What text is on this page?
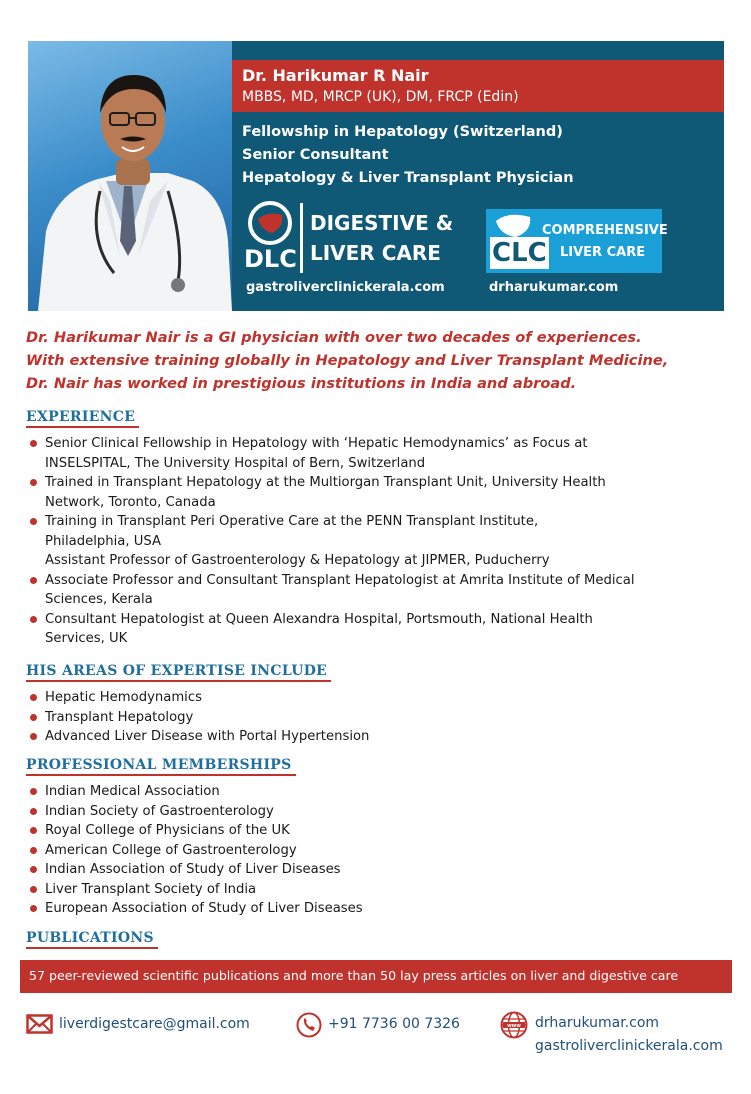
Dr. Harikumar R Nair
MBBS, MD, MRCP (UK), DM, FRCP (Edin)
Fellowship in Hepatology (Switzerland)
Senior Consultant
Hepatology & Liver Transplant Physician
DLC
DIGESTIVE &
LIVER CARE
gastroliverclinickerala.com
CLC
COMPREHENSIVE
LIVER CARE
drharukumar.com
Dr. Harikumar Nair is a GI physician with over two decades of experiences.
With extensive training globally in Hepatology and Liver Transplant Medicine,
Dr. Nair has worked in prestigious institutions in India and abroad.
EXPERIENCE
Senior Clinical Fellowship in Hepatology with ‘Hepatic Hemodynamics’ as Focus at
INSELSPITAL, The University Hospital of Bern, Switzerland
Trained in Transplant Hepatology at the Multiorgan Transplant Unit, University Health
Network, Toronto, Canada
Training in Transplant Peri Operative Care at the PENN Transplant Institute,
Philadelphia, USA
Assistant Professor of Gastroenterology & Hepatology at JIPMER, Puducherry
Associate Professor and Consultant Transplant Hepatologist at Amrita Institute of Medical
Sciences, Kerala
Consultant Hepatologist at Queen Alexandra Hospital, Portsmouth, National Health
Services, UK
HIS AREAS OF EXPERTISE INCLUDE
Hepatic Hemodynamics
Transplant Hepatology
Advanced Liver Disease with Portal Hypertension
PROFESSIONAL MEMBERSHIPS
Indian Medical Association
Indian Society of Gastroenterology
Royal College of Physicians of the UK
American College of Gastroenterology
Indian Association of Study of Liver Diseases
Liver Transplant Society of India
European Association of Study of Liver Diseases
PUBLICATIONS
57 peer-reviewed scientific publications and more than 50 lay press articles on liver and digestive care
liverdigestcare@gmail.com	+91 7736 00 7326	www drharukumar.com
gastroliverclinickerala.com
